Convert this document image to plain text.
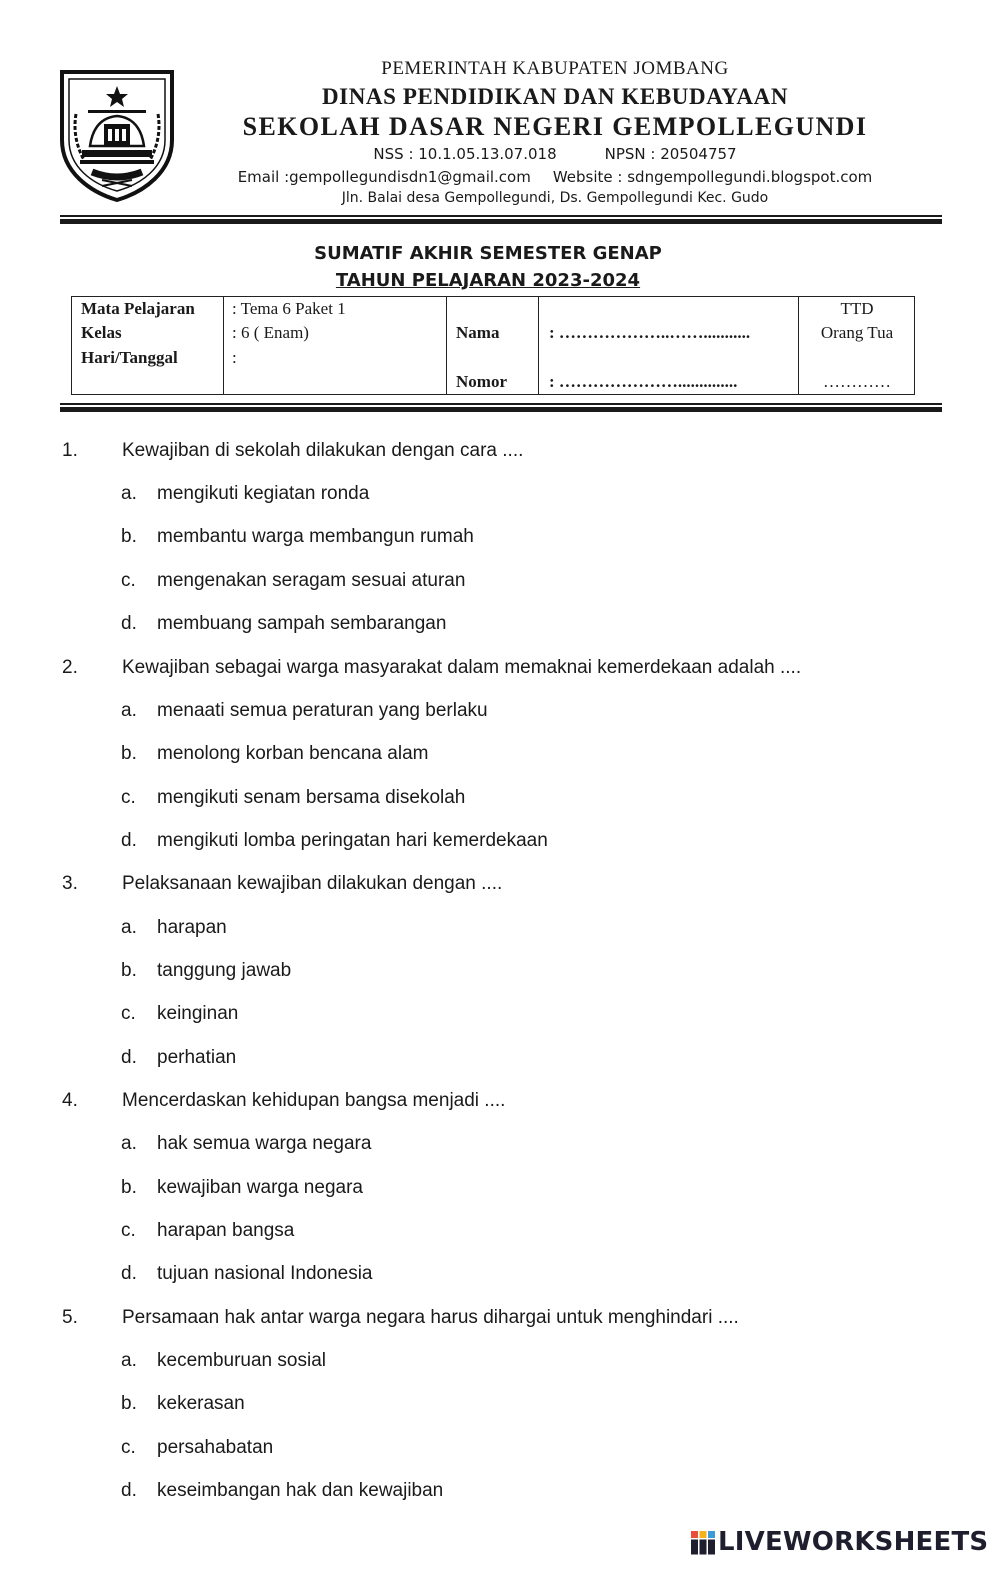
PEMERINTAH KABUPATEN JOMBANG
DINAS PENDIDIKAN DAN KEBUDAYAAN
SEKOLAH DASAR NEGERI GEMPOLLEGUNDI
NSS : 10.1.05.13.07.018	NPSN : 20504757
Email :gempollegundisdn1@gmail.com Website : sdngempollegundi.blogspot.com
Jln. Balai desa Gempollegundi, Ds. Gempollegundi Kec. Gudo
SUMATIF AKHIR SEMESTER GENAP
TAHUN PELAJARAN 2023-2024
Mata Pelajaran
Kelas
Hari/Tanggal
: Tema 6 Paket 1
: 6 ( Enam)
:
Nama
Nomor
: ………………..……...........
: …………………..............
TTD
Orang Tua
…………
1. Kewajiban di sekolah dilakukan dengan cara ....
a. mengikuti kegiatan ronda
b. membantu warga membangun rumah
c. mengenakan seragam sesuai aturan
d. membuang sampah sembarangan
2. Kewajiban sebagai warga masyarakat dalam memaknai kemerdekaan adalah ....
a. menaati semua peraturan yang berlaku
b. menolong korban bencana alam
c. mengikuti senam bersama disekolah
d. mengikuti lomba peringatan hari kemerdekaan
3. Pelaksanaan kewajiban dilakukan dengan ....
a. harapan
b. tanggung jawab
c. keinginan
d. perhatian
4. Mencerdaskan kehidupan bangsa menjadi ....
a. hak semua warga negara
b. kewajiban warga negara
c. harapan bangsa
d. tujuan nasional Indonesia
5. Persamaan hak antar warga negara harus dihargai untuk menghindari ....
a. kecemburuan sosial
b. kekerasan
c. persahabatan
d. keseimbangan hak dan kewajiban
LIVEWORKSHEETS
